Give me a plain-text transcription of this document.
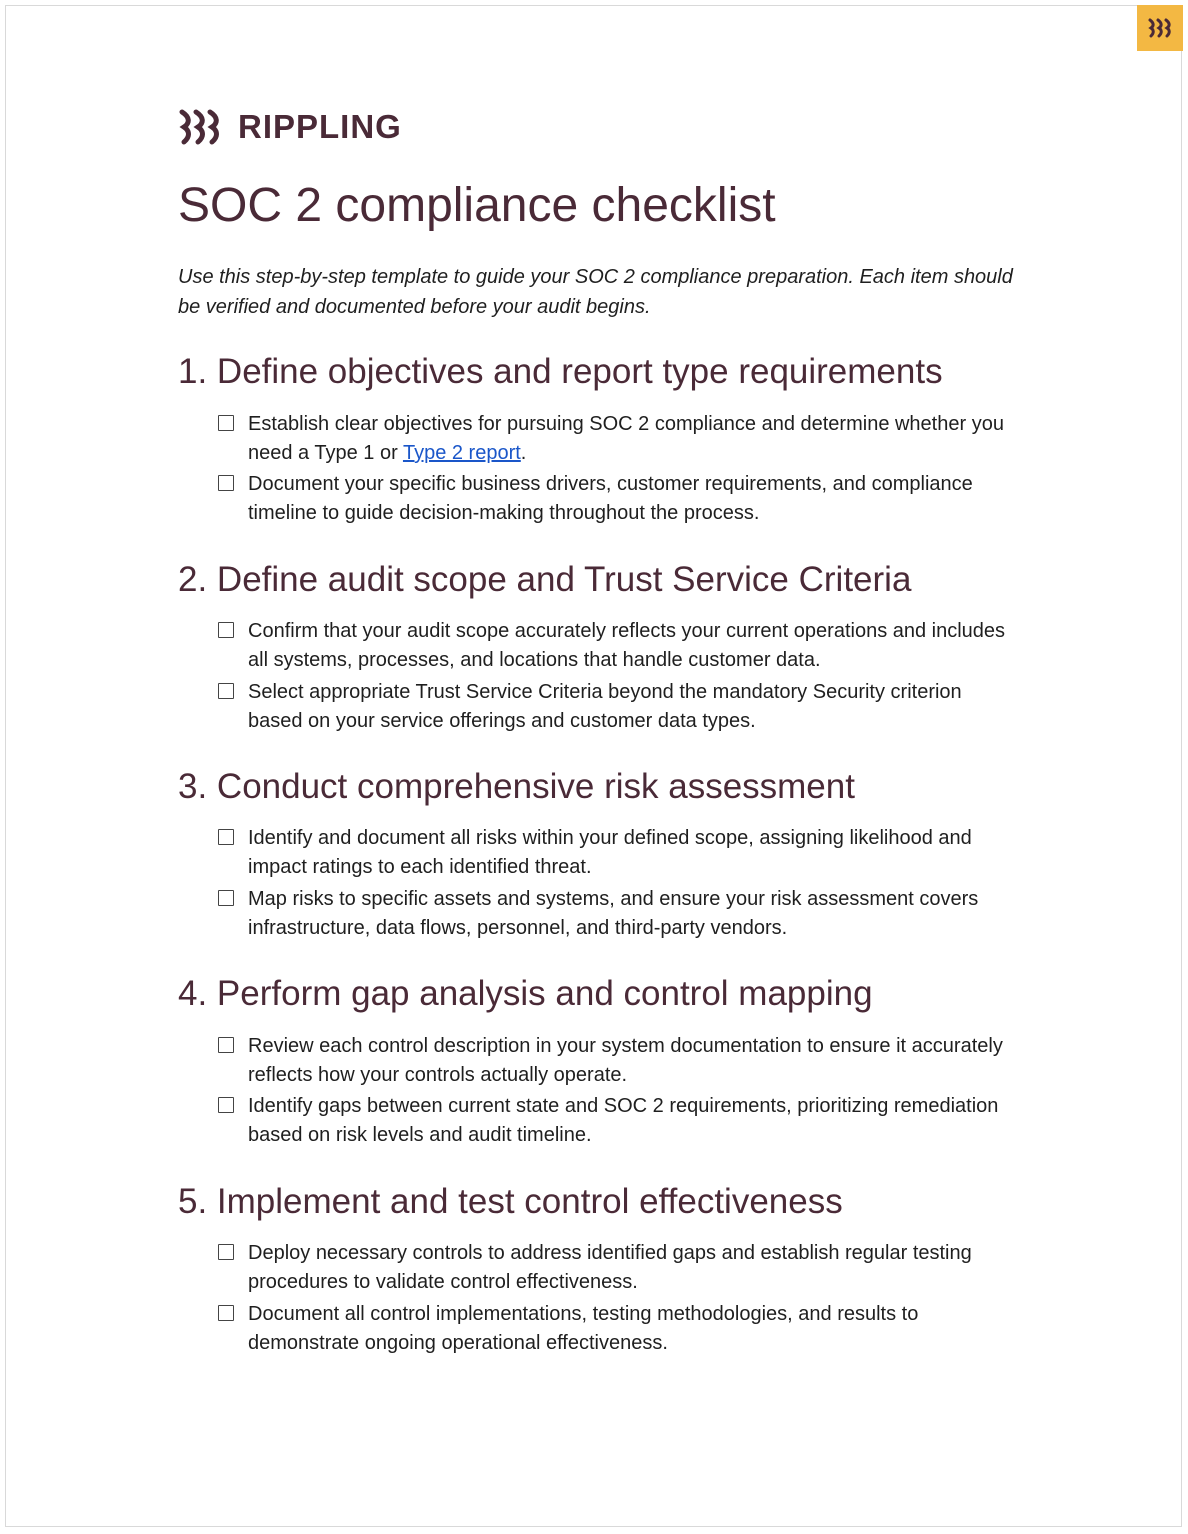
RIPPLING
SOC 2 compliance checklist

Use this step-by-step template to guide your SOC 2 compliance preparation. Each item should be verified and documented before your audit begins.

1. Define objectives and report type requirements
Establish clear objectives for pursuing SOC 2 compliance and determine whether you need a Type 1 or Type 2 report.
Document your specific business drivers, customer requirements, and compliance timeline to guide decision-making throughout the process.
2. Define audit scope and Trust Service Criteria
Confirm that your audit scope accurately reflects your current operations and includes all systems, processes, and locations that handle customer data.
Select appropriate Trust Service Criteria beyond the mandatory Security criterion based on your service offerings and customer data types.
3. Conduct comprehensive risk assessment
Identify and document all risks within your defined scope, assigning likelihood and impact ratings to each identified threat.
Map risks to specific assets and systems, and ensure your risk assessment covers infrastructure, data flows, personnel, and third-party vendors.
4. Perform gap analysis and control mapping
Review each control description in your system documentation to ensure it accurately reflects how your controls actually operate.
Identify gaps between current state and SOC 2 requirements, prioritizing remediation based on risk levels and audit timeline.
5. Implement and test control effectiveness
Deploy necessary controls to address identified gaps and establish regular testing procedures to validate control effectiveness.
Document all control implementations, testing methodologies, and results to demonstrate ongoing operational effectiveness.
